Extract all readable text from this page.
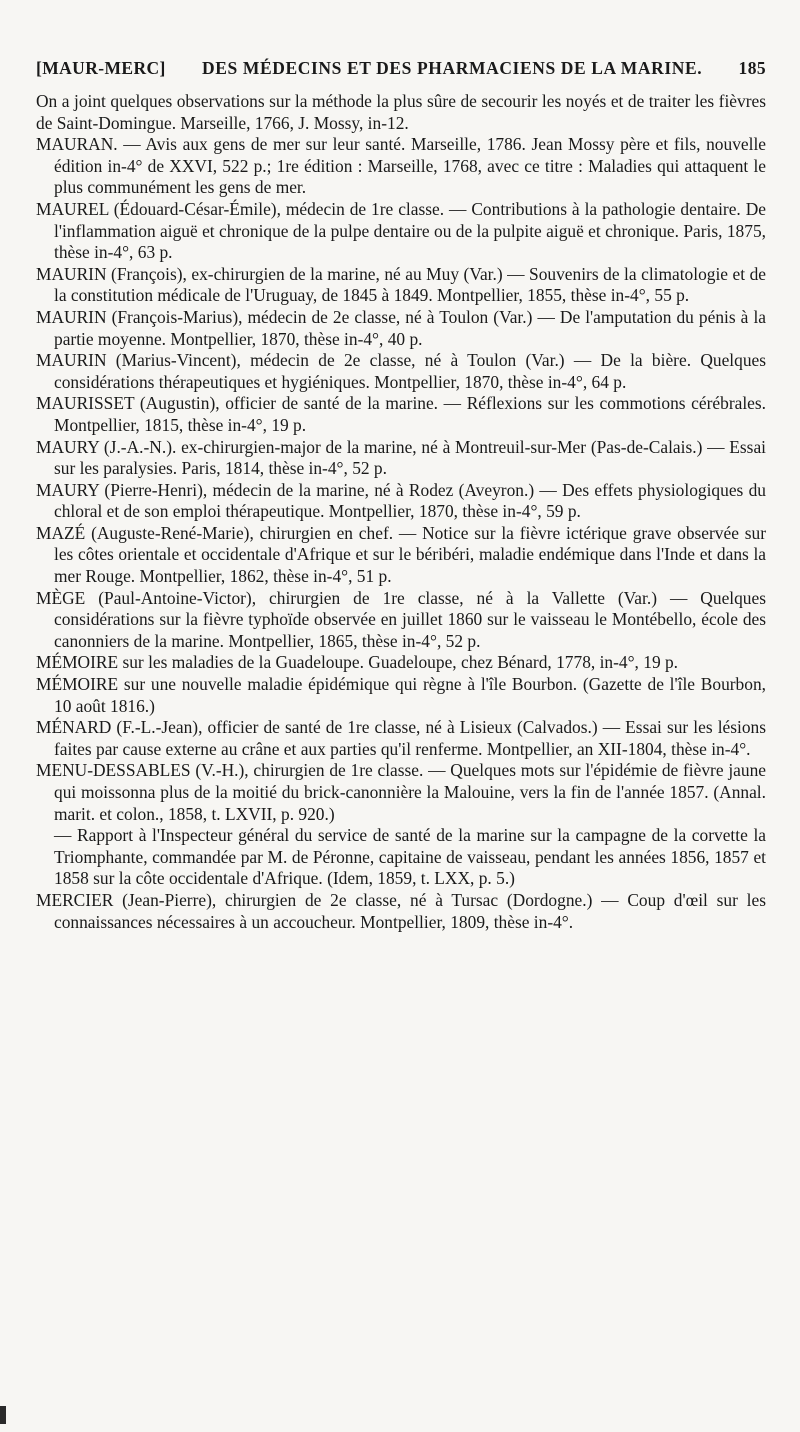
[MAUR-MERC] DES MÉDECINS ET DES PHARMACIENS DE LA MARINE. 185

On a joint quelques observations sur la méthode la plus sûre de secourir les noyés et de traiter les fièvres de Saint-Domingue. Marseille, 1766, J. Mossy, in-12.

MAURAN. — Avis aux gens de mer sur leur santé. Marseille, 1786. Jean Mossy père et fils, nouvelle édition in-4° de XXVI, 522 p.; 1re édition : Marseille, 1768, avec ce titre : Maladies qui attaquent le plus communément les gens de mer.

MAUREL (Édouard-César-Émile), médecin de 1re classe. — Contributions à la pathologie dentaire. De l'inflammation aiguë et chronique de la pulpe dentaire ou de la pulpite aiguë et chronique. Paris, 1875, thèse in-4°, 63 p.

MAURIN (François), ex-chirurgien de la marine, né au Muy (Var.) — Souvenirs de la climatologie et de la constitution médicale de l'Uruguay, de 1845 à 1849. Montpellier, 1855, thèse in-4°, 55 p.

MAURIN (François-Marius), médecin de 2e classe, né à Toulon (Var.) — De l'amputation du pénis à la partie moyenne. Montpellier, 1870, thèse in-4°, 40 p.

MAURIN (Marius-Vincent), médecin de 2e classe, né à Toulon (Var.) — De la bière. Quelques considérations thérapeutiques et hygiéniques. Montpellier, 1870, thèse in-4°, 64 p.

MAURISSET (Augustin), officier de santé de la marine. — Réflexions sur les commotions cérébrales. Montpellier, 1815, thèse in-4°, 19 p.

MAURY (J.-A.-N.). ex-chirurgien-major de la marine, né à Montreuil-sur-Mer (Pas-de-Calais.) — Essai sur les paralysies. Paris, 1814, thèse in-4°, 52 p.

MAURY (Pierre-Henri), médecin de la marine, né à Rodez (Aveyron.) — Des effets physiologiques du chloral et de son emploi thérapeutique. Montpellier, 1870, thèse in-4°, 59 p.

MAZÉ (Auguste-René-Marie), chirurgien en chef. — Notice sur la fièvre ictérique grave observée sur les côtes orientale et occidentale d'Afrique et sur le béribéri, maladie endémique dans l'Inde et dans la mer Rouge. Montpellier, 1862, thèse in-4°, 51 p.

MÈGE (Paul-Antoine-Victor), chirurgien de 1re classe, né à la Vallette (Var.) — Quelques considérations sur la fièvre typhoïde observée en juillet 1860 sur le vaisseau le Montébello, école des canonniers de la marine. Montpellier, 1865, thèse in-4°, 52 p.

MÉMOIRE sur les maladies de la Guadeloupe. Guadeloupe, chez Bénard, 1778, in-4°, 19 p.

MÉMOIRE sur une nouvelle maladie épidémique qui règne à l'île Bourbon. (Gazette de l'île Bourbon, 10 août 1816.)

MÉNARD (F.-L.-Jean), officier de santé de 1re classe, né à Lisieux (Calvados.) — Essai sur les lésions faites par cause externe au crâne et aux parties qu'il renferme. Montpellier, an XII-1804, thèse in-4°.

MENU-DESSABLES (V.-H.), chirurgien de 1re classe. — Quelques mots sur l'épidémie de fièvre jaune qui moissonna plus de la moitié du brick-canonnière la Malouine, vers la fin de l'année 1857. (Annal. marit. et colon., 1858, t. LXVII, p. 920.)

— Rapport à l'Inspecteur général du service de santé de la marine sur la campagne de la corvette la Triomphante, commandée par M. de Péronne, capitaine de vaisseau, pendant les années 1856, 1857 et 1858 sur la côte occidentale d'Afrique. (Idem, 1859, t. LXX, p. 5.)

MERCIER (Jean-Pierre), chirurgien de 2e classe, né à Tursac (Dordogne.) — Coup d'œil sur les connaissances nécessaires à un accoucheur. Montpellier, 1809, thèse in-4°.
